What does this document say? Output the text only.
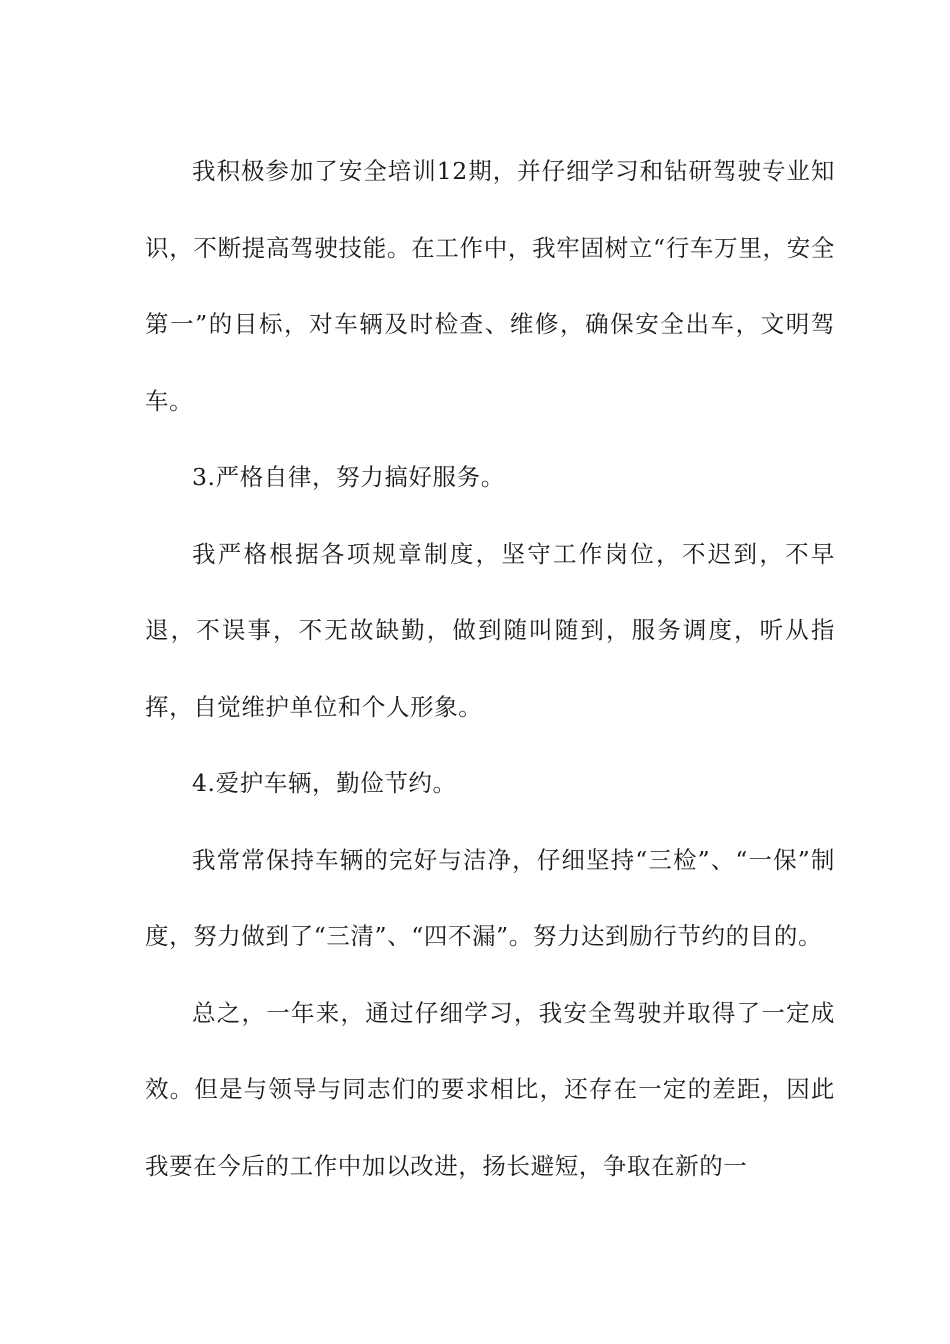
我积极参加了安全培训12期，并仔细学习和钻研驾驶专业知识，不断提高驾驶技能。在工作中，我牢固树立“行车万里，安全第一”的目标，对车辆及时检查、维修，确保安全出车，文明驾车。

3.严格自律，努力搞好服务。

我严格根据各项规章制度，坚守工作岗位，不迟到，不早退，不误事，不无故缺勤，做到随叫随到，服务调度，听从指挥，自觉维护单位和个人形象。

4.爱护车辆，勤俭节约。

我常常保持车辆的完好与洁净，仔细坚持“三检”、“一保”制度，努力做到了“三清”、“四不漏”。努力达到励行节约的目的。

总之，一年来，通过仔细学习，我安全驾驶并取得了一定成效。但是与领导与同志们的要求相比，还存在一定的差距，因此我要在今后的工作中加以改进，扬长避短，争取在新的一
